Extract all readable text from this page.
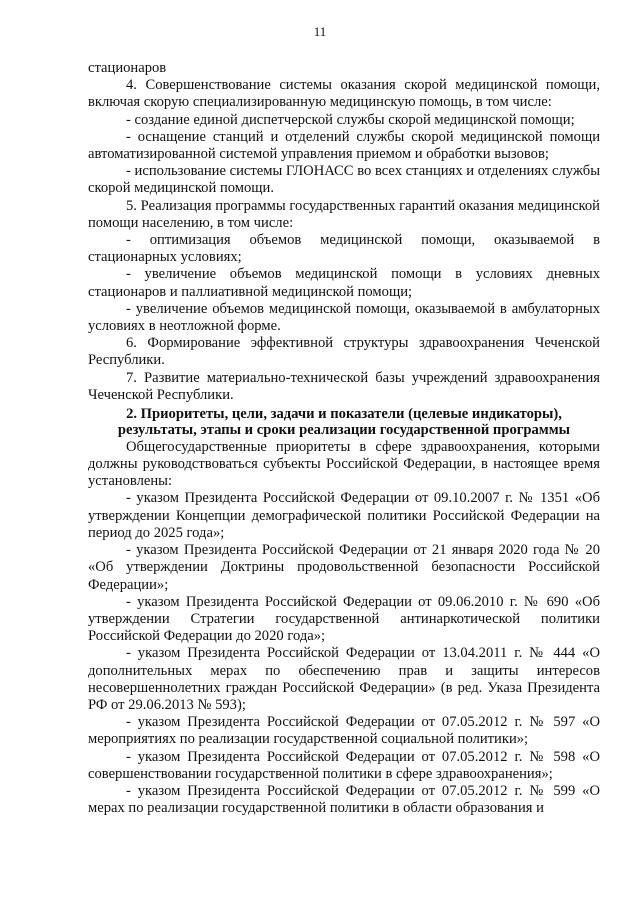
11

стационаров

4. Совершенствование системы оказания скорой медицинской помощи, включая скорую специализированную медицинскую помощь, в том числе:

- создание единой диспетчерской службы скорой медицинской помощи;

- оснащение станций и отделений службы скорой медицинской помощи автоматизированной системой управления приемом и обработки вызовов;

- использование системы ГЛОНАСС во всех станциях и отделениях службы скорой медицинской помощи.

5. Реализация программы государственных гарантий оказания медицинской помощи населению, в том числе:

- оптимизация объемов медицинской помощи, оказываемой в стационарных условиях;

- увеличение объемов медицинской помощи в условиях дневных стационаров и паллиативной медицинской помощи;

- увеличение объемов медицинской помощи, оказываемой в амбулаторных условиях в неотложной форме.

6. Формирование эффективной структуры здравоохранения Чеченской Республики.

7. Развитие материально-технической базы учреждений здравоохранения Чеченской Республики.

2. Приоритеты, цели, задачи и показатели (целевые индикаторы), результаты, этапы и сроки реализации государственной программы

Общегосударственные приоритеты в сфере здравоохранения, которыми должны руководствоваться субъекты Российской Федерации, в настоящее время установлены:

- указом Президента Российской Федерации от 09.10.2007 г. № 1351 «Об утверждении Концепции демографической политики Российской Федерации на период до 2025 года»;

- указом Президента Российской Федерации от 21 января 2020 года № 20 «Об утверждении Доктрины продовольственной безопасности Российской Федерации»;

- указом Президента Российской Федерации от 09.06.2010 г. № 690 «Об утверждении Стратегии государственной антинаркотической политики Российской Федерации до 2020 года»;

- указом Президента Российской Федерации от 13.04.2011 г. № 444 «О дополнительных мерах по обеспечению прав и защиты интересов несовершеннолетних граждан Российской Федерации» (в ред. Указа Президента РФ от 29.06.2013 № 593);

- указом Президента Российской Федерации от 07.05.2012 г. № 597 «О мероприятиях по реализации государственной социальной политики»;

- указом Президента Российской Федерации от 07.05.2012 г. № 598 «О совершенствовании государственной политики в сфере здравоохранения»;

- указом Президента Российской Федерации от 07.05.2012 г. № 599 «О мерах по реализации государственной политики в области образования и
